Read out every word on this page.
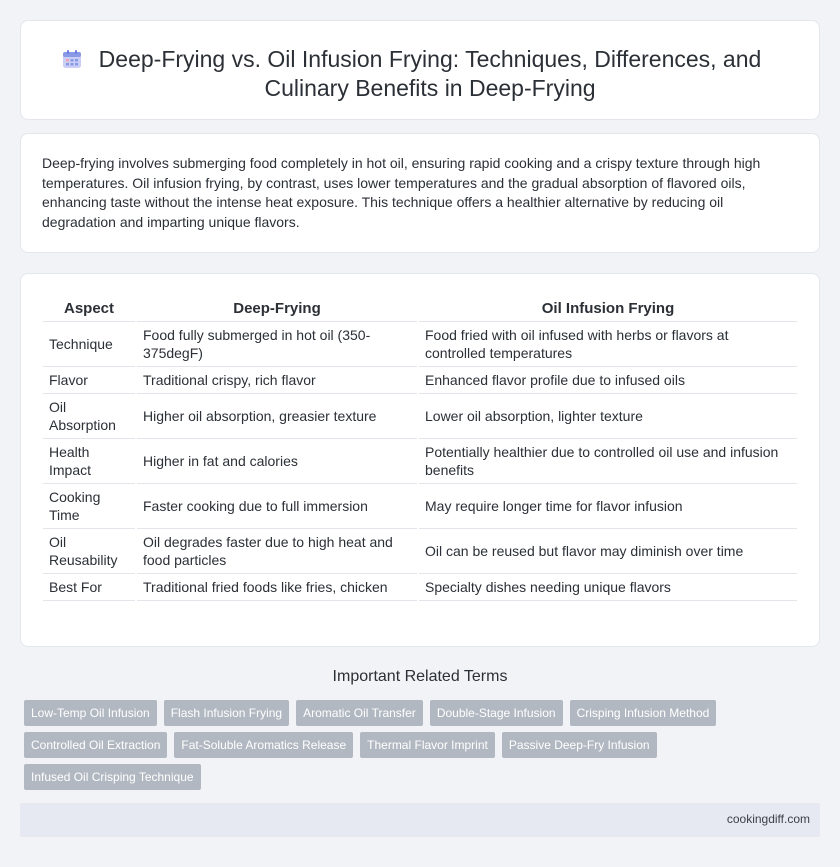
Deep-Frying vs. Oil Infusion Frying: Techniques, Differences, and Culinary Benefits in Deep-Frying

Deep-frying involves submerging food completely in hot oil, ensuring rapid cooking and a crispy texture through high temperatures. Oil infusion frying, by contrast, uses lower temperatures and the gradual absorption of flavored oils, enhancing taste without the intense heat exposure. This technique offers a healthier alternative by reducing oil degradation and imparting unique flavors.

Aspect	Deep-Frying	Oil Infusion Frying
Technique	Food fully submerged in hot oil (350-375degF)	Food fried with oil infused with herbs or flavors at controlled temperatures
Flavor	Traditional crispy, rich flavor	Enhanced flavor profile due to infused oils
Oil Absorption	Higher oil absorption, greasier texture	Lower oil absorption, lighter texture
Health Impact	Higher in fat and calories	Potentially healthier due to controlled oil use and infusion benefits
Cooking Time	Faster cooking due to full immersion	May require longer time for flavor infusion
Oil Reusability	Oil degrades faster due to high heat and food particles	Oil can be reused but flavor may diminish over time
Best For	Traditional fried foods like fries, chicken	Specialty dishes needing unique flavors
Important Related Terms
Low-Temp Oil Infusion	Flash Infusion Frying	Aromatic Oil Transfer	Double-Stage Infusion	Crisping Infusion Method
Controlled Oil Extraction	Fat-Soluble Aromatics Release	Thermal Flavor Imprint	Passive Deep-Fry Infusion
Infused Oil Crisping Technique
cookingdiff.com
